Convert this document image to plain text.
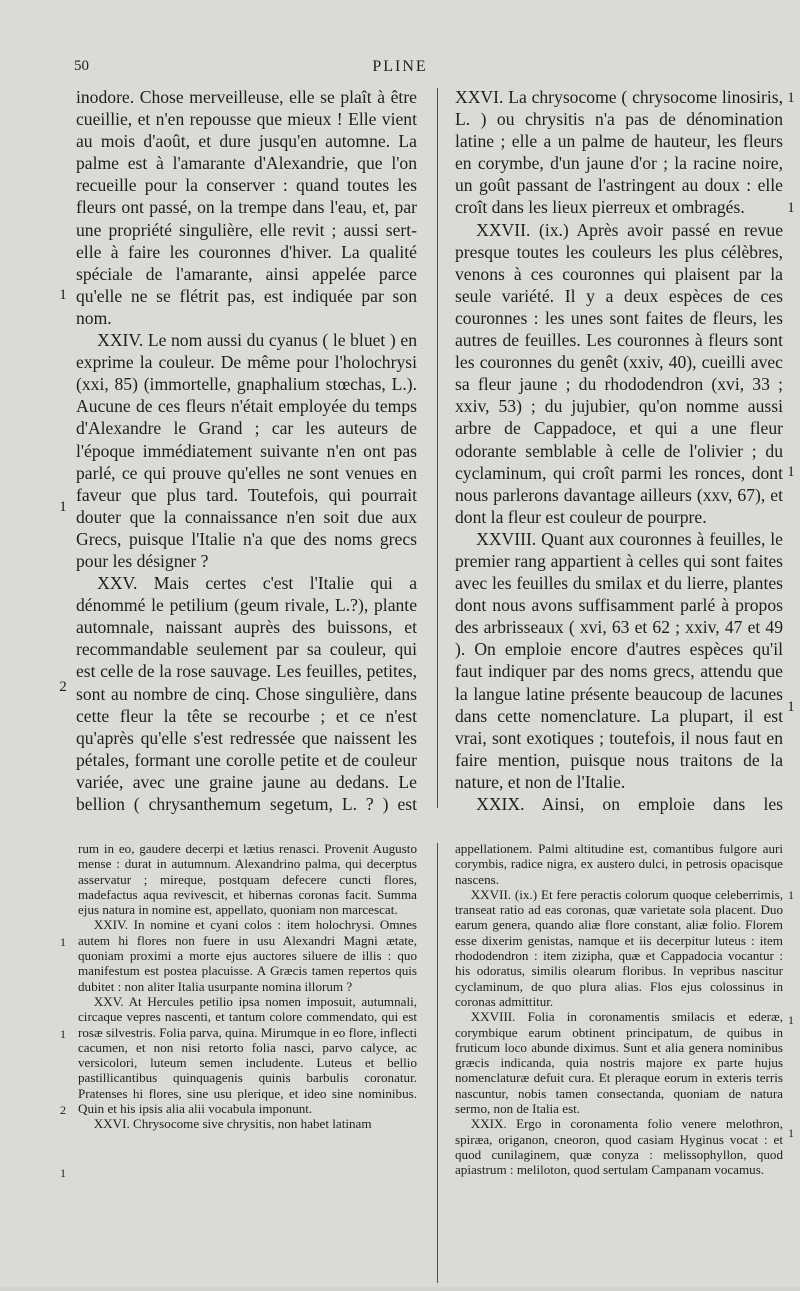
50	PLINE

inodore. Chose merveilleuse, elle se plaît à être cueillie, et n'en repousse que mieux ! Elle vient au mois d'août, et dure jusqu'en automne. La palme est à l'amarante d'Alexandrie, que l'on recueille pour la conserver : quand toutes les fleurs ont passé, on la trempe dans l'eau, et, par une propriété singulière, elle revit ; aussi sert-elle à faire les couronnes d'hiver. La qualité spéciale de l'amarante, ainsi appelée parce qu'elle ne se flétrit pas, est indiquée par son nom.

XXIV. Le nom aussi du cyanus ( le bluet ) en exprime la couleur. De même pour l'holochrysi (xxi, 85) (immortelle, gnaphalium stœchas, L.). Aucune de ces fleurs n'était employée du temps d'Alexandre le Grand ; car les auteurs de l'époque immédiatement suivante n'en ont pas parlé, ce qui prouve qu'elles ne sont venues en faveur que plus tard. Toutefois, qui pourrait douter que la connaissance n'en soit due aux Grecs, puisque l'Italie n'a que des noms grecs pour les désigner ?

XXV. Mais certes c'est l'Italie qui a dénommé le petilium (geum rivale, L.?), plante automnale, naissant auprès des buissons, et recommandable seulement par sa couleur, qui est celle de la rose sauvage. Les feuilles, petites, sont au nombre de cinq. Chose singulière, dans cette fleur la tête se recourbe ; et ce n'est qu'après qu'elle s'est redressée que naissent les pétales, formant une corolle petite et de couleur variée, avec une graine jaune au dedans. Le bellion ( chrysanthemum segetum, L. ? ) est

XXVI. La chrysocome ( chrysocome linosiris, L. ) ou chrysitis n'a pas de dénomination latine ; elle a un palme de hauteur, les fleurs en corymbe, d'un jaune d'or ; la racine noire, un goût passant de l'astringent au doux : elle croît dans les lieux pierreux et ombragés.

XXVII. (ix.) Après avoir passé en revue presque toutes les couleurs les plus célèbres, venons à ces couronnes qui plaisent par la seule variété. Il y a deux espèces de ces couronnes : les unes sont faites de fleurs, les autres de feuilles. Les couronnes à fleurs sont les couronnes du genêt (xxiv, 40), cueilli avec sa fleur jaune ; du rhododendron (xvi, 33 ; xxiv, 53) ; du jujubier, qu'on nomme aussi arbre de Cappadoce, et qui a une fleur odorante semblable à celle de l'olivier ; du cyclaminum, qui croît parmi les ronces, dont nous parlerons davantage ailleurs (xxv, 67), et dont la fleur est couleur de pourpre.

XXVIII. Quant aux couronnes à feuilles, le premier rang appartient à celles qui sont faites avec les feuilles du smilax et du lierre, plantes dont nous avons suffisamment parlé à propos des arbrisseaux ( xvi, 63 et 62 ; xxiv, 47 et 49 ). On emploie encore d'autres espèces qu'il faut indiquer par des noms grecs, attendu que la langue latine présente beaucoup de lacunes dans cette nomenclature. La plupart, il est vrai, sont exotiques ; toutefois, il nous faut en faire mention, puisque nous traitons de la nature, et non de l'Italie.

XXIX. Ainsi, on emploie dans les

rum in eo, gaudere decerpi et lætius renasci. Provenit Augusto mense : durat in autumnum. Alexandrino palma, qui decerptus asservatur ; mireque, postquam defecere cuncti flores, madefactus aqua revivescit, et hibernas coronas facit. Summa ejus natura in nomine est, appellato, quoniam non marcescat.

XXIV. In nomine et cyani colos : item holochrysi. Omnes autem hi flores non fuere in usu Alexandri Magni ætate, quoniam proximi a morte ejus auctores siluere de illis : quo manifestum est postea placuisse. A Græcis tamen repertos quis dubitet : non aliter Italia usurpante nomina illorum ?

XXV. At Hercules petilio ipsa nomen imposuit, autumnali, circaque vepres nascenti, et tantum colore commendato, qui est rosæ silvestris. Folia parva, quina. Mirumque in eo flore, inflecti cacumen, et non nisi retorto folia nasci, parvo calyce, ac versicolori, luteum semen includente. Luteus et bellio pastillicantibus quinquagenis quinis barbulis coronatur. Pratenses hi flores, sine usu plerique, et ideo sine nominibus. Quin et his ipsis alia alii vocabula imponunt.

XXVI. Chrysocome sive chrysitis, non habet latinam

appellationem. Palmi altitudine est, comantibus fulgore auri corymbis, radice nigra, ex austero dulci, in petrosis opacisque nascens.

XXVII. (ix.) Et fere peractis colorum quoque celeberrimis, transeat ratio ad eas coronas, quæ varietate sola placent. Duo earum genera, quando aliæ flore constant, aliæ folio. Florem esse dixerim genistas, namque et iis decerpitur luteus : item rhododendron : item zizipha, quæ et Cappadocia vocantur : his odoratus, similis olearum floribus. In vepribus nascitur cyclaminum, de quo plura alias. Flos ejus colossinus in coronas admittitur.

XXVIII. Folia in coronamentis smilacis et ederæ, corymbique earum obtinent principatum, de quibus in fruticum loco abunde diximus. Sunt et alia genera nominibus græcis indicanda, quia nostris majore ex parte hujus nomenclaturæ defuit cura. Et pleraque eorum in exteris terris nascuntur, nobis tamen consectanda, quoniam de natura sermo, non de Italia est.

XXIX. Ergo in coronamenta folio venere melothron, spiræa, origanon, cneoron, quod casiam Hyginus vocat : et quod cunilaginem, quæ conyza : melissophyllon, quod apiastrum : meliloton, quod sertulam Campanam vocamus.

1
1
2
1
1
2
1
1
1
1
1
1
1
1
